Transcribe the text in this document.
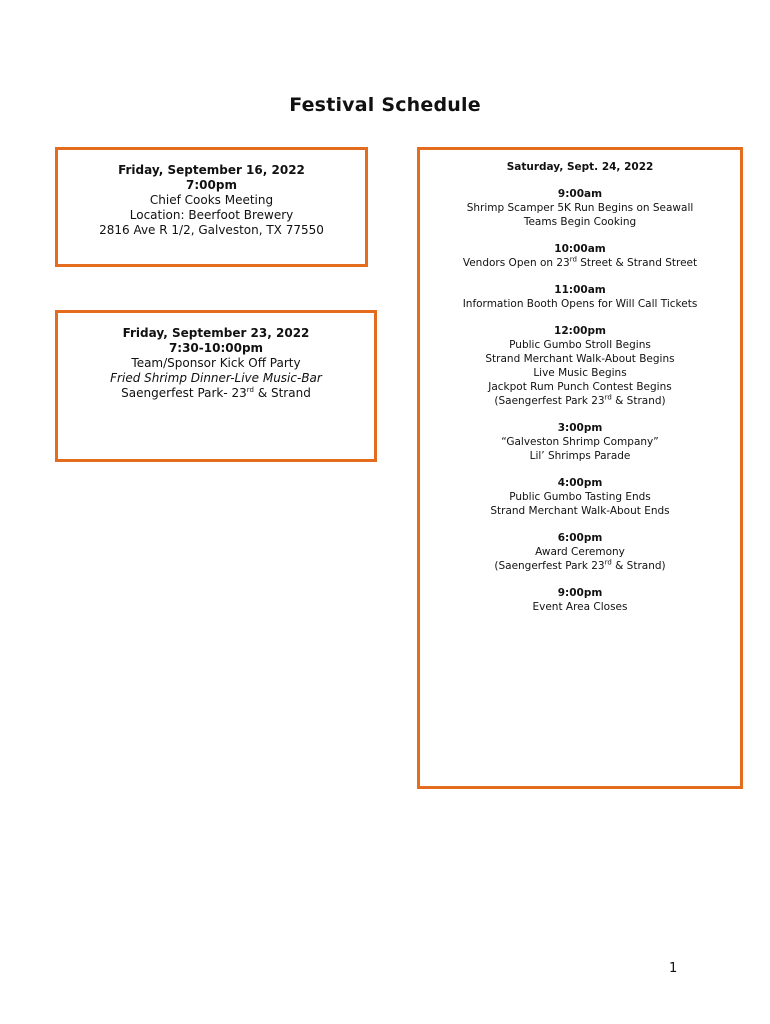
Festival Schedule
Friday, September 16, 2022
7:00pm
Chief Cooks Meeting
Location: Beerfoot Brewery
2816 Ave R 1/2, Galveston, TX 77550
Friday, September 23, 2022
7:30-10:00pm
Team/Sponsor Kick Off Party
Fried Shrimp Dinner-Live Music-Bar
Saengerfest Park- 23rd & Strand
Saturday, Sept. 24, 2022
9:00am
Shrimp Scamper 5K Run Begins on Seawall
Teams Begin Cooking
10:00am
Vendors Open on 23rd Street & Strand Street
11:00am
Information Booth Opens for Will Call Tickets
12:00pm
Public Gumbo Stroll Begins
Strand Merchant Walk-About Begins
Live Music Begins
Jackpot Rum Punch Contest Begins
(Saengerfest Park 23rd & Strand)
3:00pm
“Galveston Shrimp Company”
Lil’ Shrimps Parade
4:00pm
Public Gumbo Tasting Ends
Strand Merchant Walk-About Ends
6:00pm
Award Ceremony
(Saengerfest Park 23rd & Strand)
9:00pm
Event Area Closes
1
